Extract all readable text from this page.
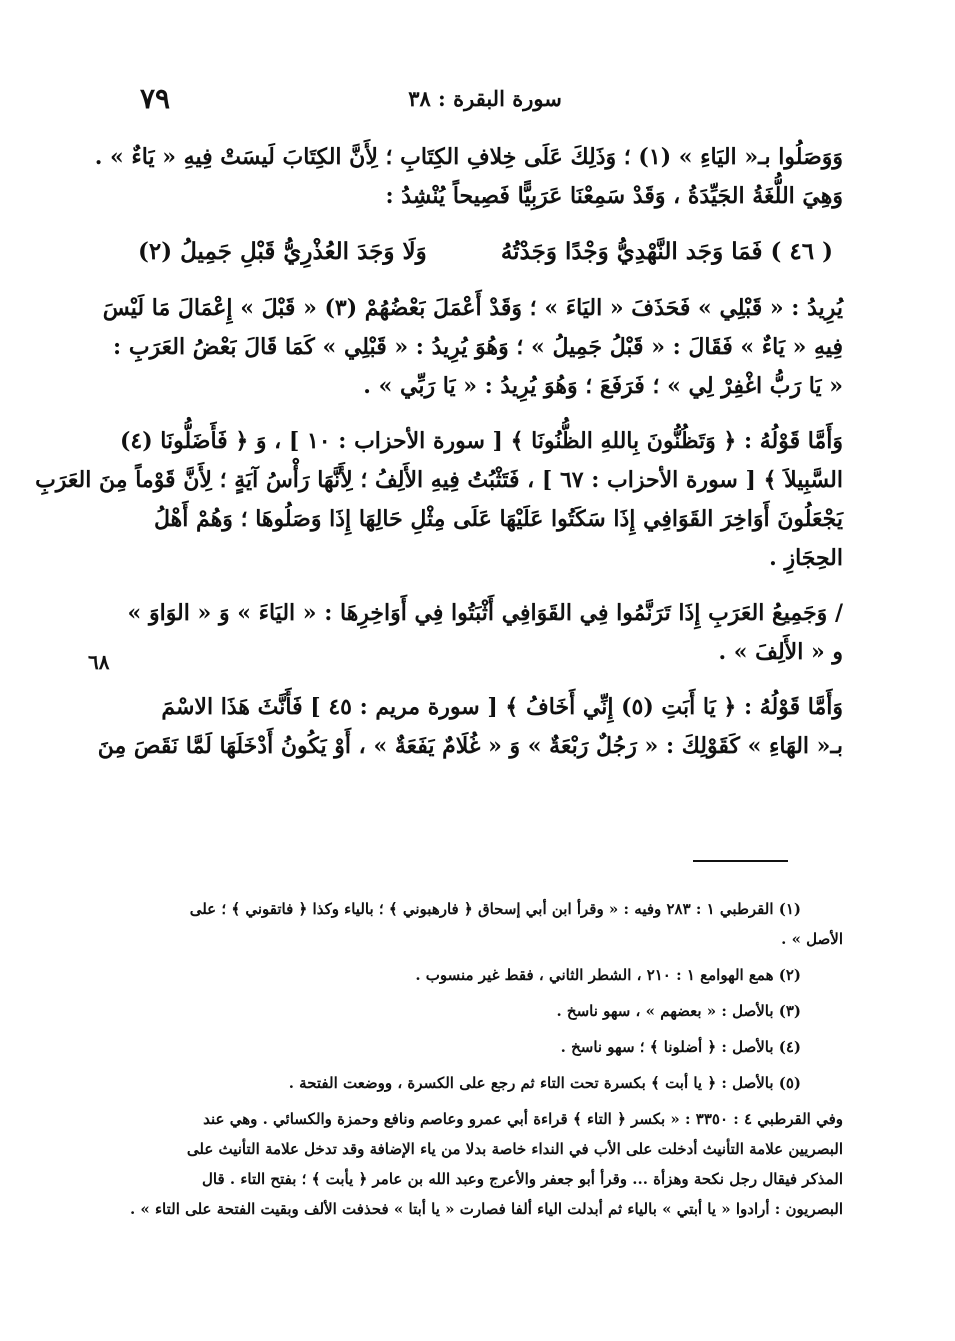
٧٩	سورة البقرة : ٣٨
٦٨

وَوَصَلُوا بـ« اليَاءِ » (١) ؛ وَذَلِكَ عَلَى خِلافِ الكِتَابِ ؛ لِأَنَّ الكِتَابَ لَيسَتْ فِيهِ « يَاءٌ » .
وَهِيَ اللُّغَةُ الجَيِّدَةُ ، وَقَدْ سَمِعْنَا عَرَبِيًّا فَصِيحاً يُنْشِدُ :

( ٤٦ ) فَمَا وَجَد النَّهْدِيُّ وَجْدًا وَجَدْتُهُ
وَلَا وَجَدَ العُذْرِيُّ قَبْلِ جَمِيلُ (٢)

يُرِيدُ : « قَبْلِي » فَحَذَفَ « اليَاءَ » ؛ وَقَدْ أَعْمَلَ بَعْضُهُمْ (٣) « قَبْلَ » إِعْمَالَ مَا لَيْسَ
فِيهِ « يَاءٌ » فَقَالَ : « قَبْلُ جَمِيلُ » ؛ وَهُوَ يُرِيدُ : « قَبْلِي » كَمَا قَالَ بَعْضُ العَرَبِ :
« يَا رَبُّ اغْفِرْ لِي » ؛ فَرَفَعَ ؛ وَهُوَ يُرِيدُ : « يَا رَبِّي » .

وَأَمَّا قَوْلُهُ : ﴿ وَتَظُنُّونَ بِاللهِ الظُّنُونَا ﴾ [ سورة الأحزاب : ١٠ ] ، وَ ﴿ فَأَضَلُّونَا (٤)
السَّبِيلاَ ﴾ [ سورة الأحزاب : ٦٧ ] ، فَتَثْبُتُ فِيهِ الأَلِفُ ؛ لِأَنَّهَا رَأْسُ آيَةٍ ؛ لِأَنَّ قَوْماً مِنَ العَرَبِ
يَجْعَلُونَ أَوَاخِرَ القَوَافِي إِذَا سَكَتُوا عَلَيْهَا عَلَى مِثْلِ حَالِهَا إِذَا وَصَلُوهَا ؛ وَهُمْ أَهْلُ
الحِجَازِ .

/ وَجَمِيعُ العَرَبِ إِذَا تَرَنَّمُوا فِي القَوَافِي أَثْبَتُوا فِي أَوَاخِرِهَا : « اليَاءَ » وَ « الوَاوَ »
و « الأَلِفَ » .

وَأَمَّا قَوْلُهُ : ﴿ يَا أَبَتِ (٥) إِنِّي أَخَافُ ﴾ [ سورة مريم : ٤٥ ] فَأَنَّثَ هَذَا الاسْمَ
بـ« الهَاءِ » كَقَوْلِكَ : « رَجُلٌ رَبْعَةٌ » وَ « غُلَامٌ يَفَعَةٌ » ، أَوْ يَكُونُ أَدْخَلَهَا لَمَّا نَقَصَ مِنَ

(١) القرطبي ١ : ٢٨٣ وفيه : « وقرأ ابن أبي إسحاق ﴿ فارهبوني ﴾ ؛ بالياء وكذا ﴿ فاتقوني ﴾ ؛ على
الأصل » .
(٢) همع الهوامع ١ : ٢١٠ ، الشطر الثاني ، فقط غير منسوب .
(٣) بالأصل : « بعضهم » ، سهو ناسخ .
(٤) بالأصل : ﴿ أضلونا ﴾ ؛ سهو ناسخ .
(٥) بالأصل : ﴿ يا أبت ﴾ بكسرة تحت التاء ثم رجع على الكسرة ، ووضعت الفتحة .
وفي القرطبي ٤ : ٣٣٥٠ : « بكسر ﴿ التاء ﴾ قراءة أبي عمرو وعاصم ونافع وحمزة والكسائي . وهي عند
البصريين علامة التأنيث أدخلت على الأب في النداء خاصة بدلا من ياء الإضافة وقد تدخل علامة التأنيث على
المذكر فيقال رجل نكحة وهزأة ... وقرأ أبو جعفر والأعرج وعبد الله بن عامر ﴿ يأبت ﴾ ؛ بفتح التاء . قال
البصريون : أرادوا « يا أبتي » بالياء ثم أبدلت الياء ألفا فصارت « يا أبتا » فحذفت الألف وبقيت الفتحة على التاء » .
